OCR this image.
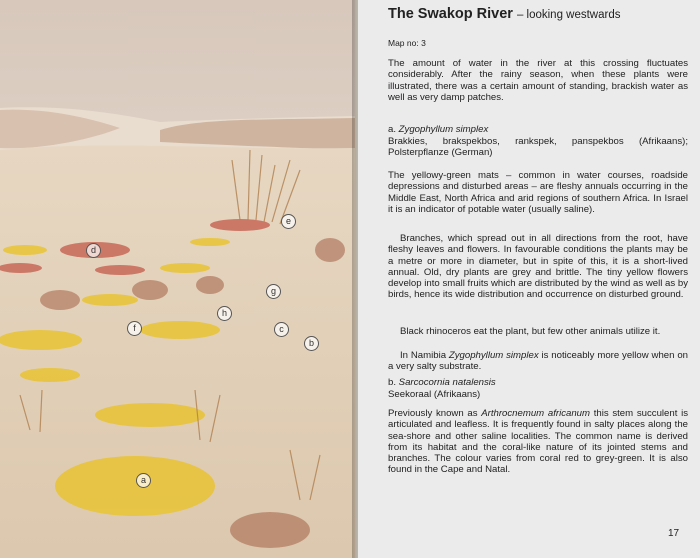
a
b
c
d
e
f
g
h
The Swakop River – looking westwards
Map no: 3
The amount of water in the river at this crossing fluctuates considerably. After the rainy season, when these plants were illustrated, there was a certain amount of standing, brackish water as well as very damp patches.
a. Zygophyllum simplex
Brakkies, brakspekbos, rankspek, panspekbos (Afrikaans); Polsterpflanze (German)
The yellowy-green mats – common in water courses, roadside depressions and disturbed areas – are fleshy annuals occurring in the Middle East, North Africa and arid regions of southern Africa. In Israel it is an indicator of potable water (usually saline).
Branches, which spread out in all directions from the root, have fleshy leaves and flowers. In favourable conditions the plants may be a metre or more in diameter, but in spite of this, it is a short-lived annual. Old, dry plants are grey and brittle. The tiny yellow flowers develop into small fruits which are distributed by the wind as well as by birds, hence its wide distribution and occurrence on disturbed ground.
Black rhinoceros eat the plant, but few other animals utilize it.
In Namibia Zygophyllum simplex is noticeably more yellow when on a very salty substrate.
b. Sarcocornia natalensis
Seekoraal (Afrikaans)
Previously known as Arthrocnemum africanum this stem succulent is articulated and leafless. It is frequently found in salty places along the sea-shore and other saline localities. The common name is derived from its habitat and the coral-like nature of its jointed stems and branches. The colour varies from coral red to grey-green. It is also found in the Cape and Natal.
17
